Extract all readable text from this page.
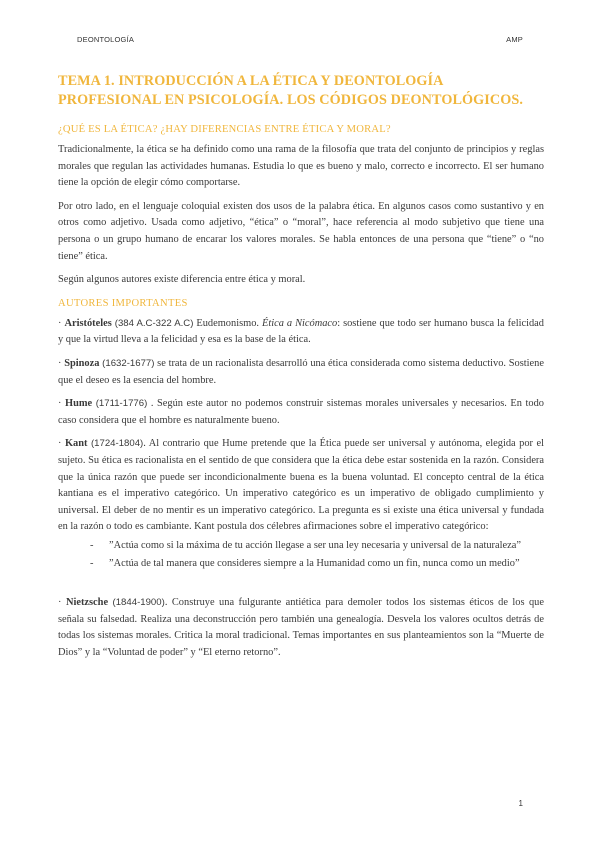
DEONTOLOGÍA	AMP
TEMA 1. INTRODUCCIÓN A LA ÉTICA Y DEONTOLOGÍA PROFESIONAL EN PSICOLOGÍA. LOS CÓDIGOS DEONTOLÓGICOS.
¿QUÉ ES LA ÉTICA? ¿HAY DIFERENCIAS ENTRE ÉTICA Y MORAL?

Tradicionalmente, la ética se ha definido como una rama de la filosofía que trata del conjunto de principios y reglas morales que regulan las actividades humanas. Estudia lo que es bueno y malo, correcto e incorrecto. El ser humano tiene la opción de elegir cómo comportarse.

Por otro lado, en el lenguaje coloquial existen dos usos de la palabra ética. En algunos casos como sustantivo y en otros como adjetivo. Usada como adjetivo, “ética” o “moral”, hace referencia al modo subjetivo que tiene una persona o un grupo humano de encarar los valores morales. Se habla entonces de una persona que “tiene” o “no tiene” ética.

Según algunos autores existe diferencia entre ética y moral.

AUTORES IMPORTANTES

· Aristóteles (384 A.C-322 A.C) Eudemonismo. Ética a Nicómaco: sostiene que todo ser humano busca la felicidad y que la virtud lleva a la felicidad y esa es la base de la ética.

· Spinoza (1632-1677) se trata de un racionalista desarrolló una ética considerada como sistema deductivo. Sostiene que el deseo es la esencia del hombre.

· Hume (1711-1776) . Según este autor no podemos construir sistemas morales universales y necesarios. En todo caso considera que el hombre es naturalmente bueno.

· Kant (1724-1804). Al contrario que Hume pretende que la Ética puede ser universal y autónoma, elegida por el sujeto. Su ética es racionalista en el sentido de que considera que la ética debe estar sostenida en la razón. Considera que la única razón que puede ser incondicionalmente buena es la buena voluntad. El concepto central de la ética kantiana es el imperativo categórico. Un imperativo categórico es un imperativo de obligado cumplimiento y universal. El deber de no mentir es un imperativo categórico. La pregunta es si existe una ética universal y fundada en la razón o todo es cambiante. Kant postula dos célebres afirmaciones sobre el imperativo categórico:

- ”Actúa como si la máxima de tu acción llegase a ser una ley necesaria y universal de la naturaleza”
- ”Actúa de tal manera que consideres siempre a la Humanidad como un fin, nunca como un medio”

· Nietzsche (1844-1900). Construye una fulgurante antiética para demoler todos los sistemas éticos de los que señala su falsedad. Realiza una deconstrucción pero también una genealogía. Desvela los valores ocultos detrás de todas los sistemas morales. Critica la moral tradicional. Temas importantes en sus planteamientos son la “Muerte de Dios” y la “Voluntad de poder” y “El eterno retorno”.

1
